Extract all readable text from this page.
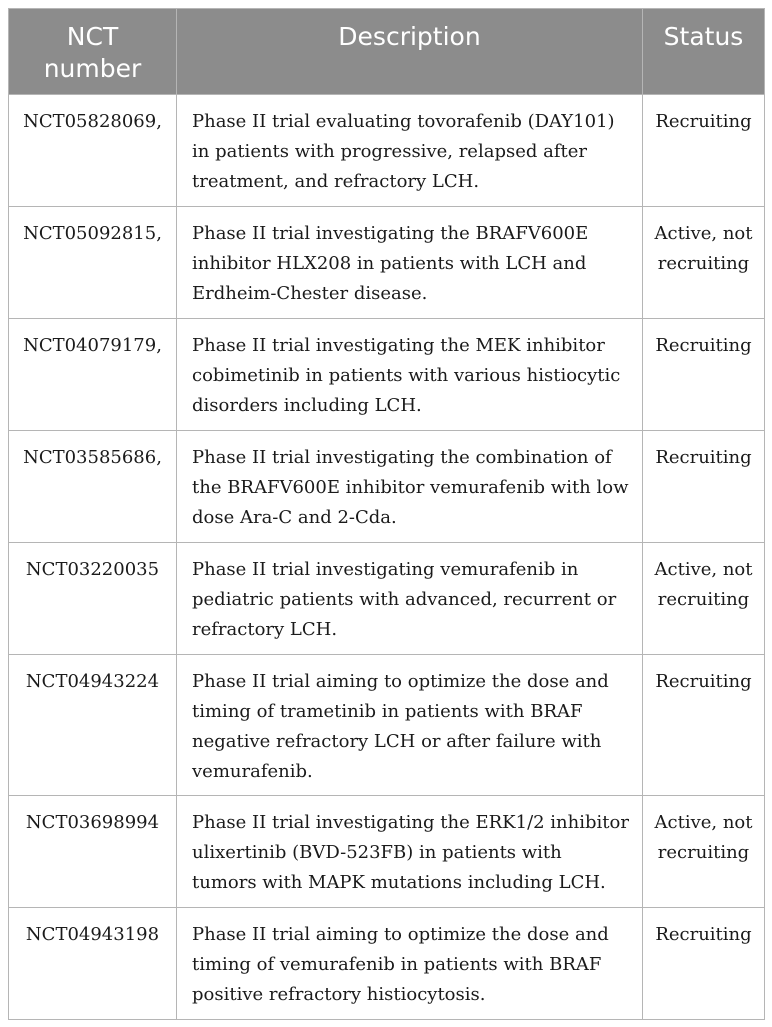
NCT number	Description	Status

NCT05828069,	Phase II trial evaluating tovorafenib (DAY101) in patients with progressive, relapsed after treatment, and refractory LCH.	Recruiting
NCT05092815,	Phase II trial investigating the BRAFV600E inhibitor HLX208 in patients with LCH and Erdheim-Chester disease.	Active, not recruiting
NCT04079179,	Phase II trial investigating the MEK inhibitor cobimetinib in patients with various histiocytic disorders including LCH.	Recruiting
NCT03585686,	Phase II trial investigating the combination of the BRAFV600E inhibitor vemurafenib with low dose Ara-C and 2-Cda.	Recruiting
NCT03220035	Phase II trial investigating vemurafenib in pediatric patients with advanced, recurrent or refractory LCH.	Active, not recruiting
NCT04943224	Phase II trial aiming to optimize the dose and timing of trametinib in patients with BRAF negative refractory LCH or after failure with vemurafenib.	Recruiting
NCT03698994	Phase II trial investigating the ERK1/2 inhibitor ulixertinib (BVD-523FB) in patients with tumors with MAPK mutations including LCH.	Active, not recruiting
NCT04943198	Phase II trial aiming to optimize the dose and timing of vemurafenib in patients with BRAF positive refractory histiocytosis.	Recruiting
